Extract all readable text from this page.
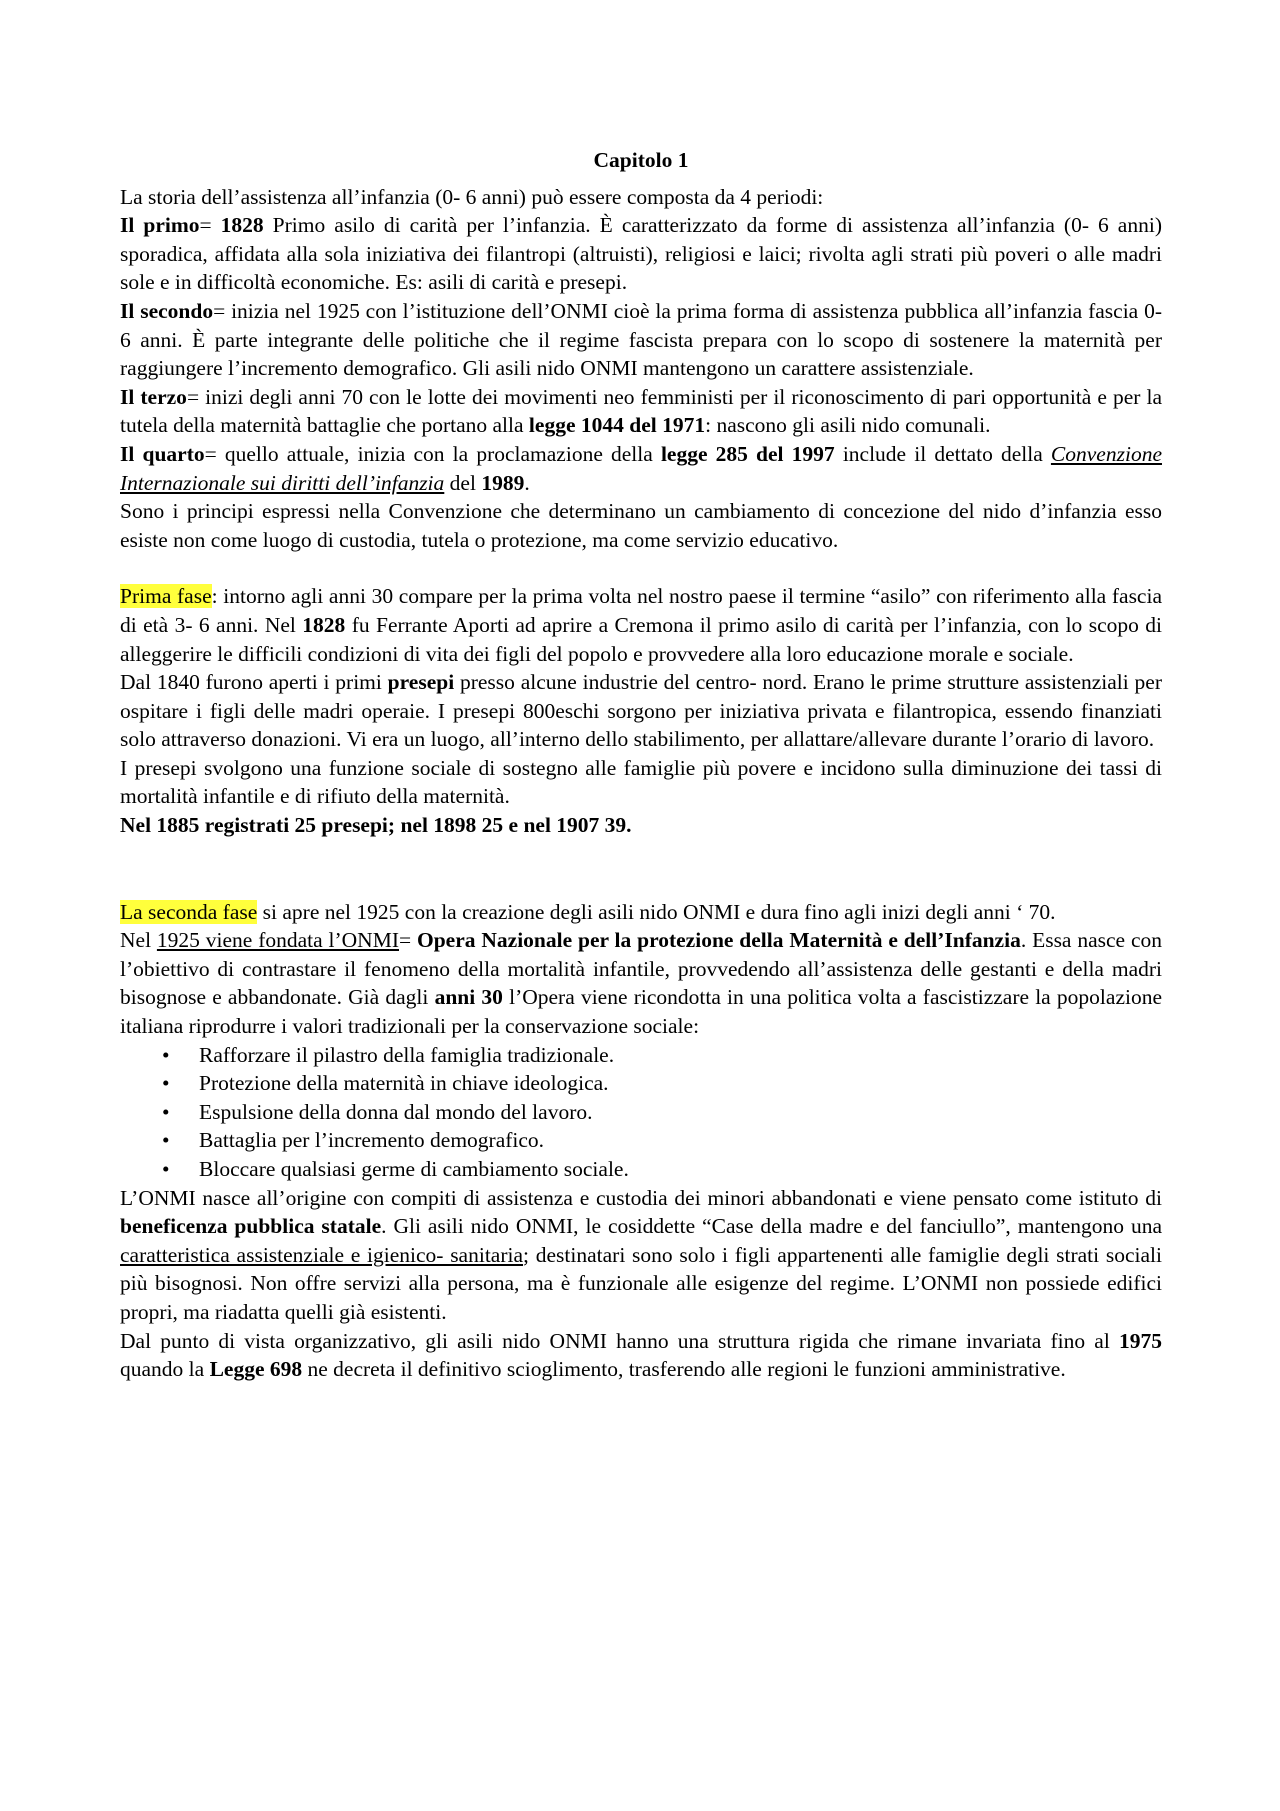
Capitolo 1

La storia dell’assistenza all’infanzia (0- 6 anni) può essere composta da 4 periodi:

Il primo= 1828 Primo asilo di carità per l’infanzia. È caratterizzato da forme di assistenza all’infanzia (0- 6 anni) sporadica, affidata alla sola iniziativa dei filantropi (altruisti), religiosi e laici; rivolta agli strati più poveri o alle madri sole e in difficoltà economiche. Es: asili di carità e presepi.

Il secondo= inizia nel 1925 con l’istituzione dell’ONMI cioè la prima forma di assistenza pubblica all’infanzia fascia 0- 6 anni. È parte integrante delle politiche che il regime fascista prepara con lo scopo di sostenere la maternità per raggiungere l’incremento demografico. Gli asili nido ONMI mantengono un carattere assistenziale.

Il terzo= inizi degli anni 70 con le lotte dei movimenti neo femministi per il riconoscimento di pari opportunità e per la tutela della maternità battaglie che portano alla legge 1044 del 1971: nascono gli asili nido comunali.

Il quarto= quello attuale, inizia con la proclamazione della legge 285 del 1997 include il dettato della Convenzione Internazionale sui diritti dell’infanzia del 1989.

Sono i principi espressi nella Convenzione che determinano un cambiamento di concezione del nido d’infanzia esso esiste non come luogo di custodia, tutela o protezione, ma come servizio educativo.

Prima fase: intorno agli anni 30 compare per la prima volta nel nostro paese il termine “asilo” con riferimento alla fascia di età 3- 6 anni. Nel 1828 fu Ferrante Aporti ad aprire a Cremona il primo asilo di carità per l’infanzia, con lo scopo di alleggerire le difficili condizioni di vita dei figli del popolo e provvedere alla loro educazione morale e sociale.

Dal 1840 furono aperti i primi presepi presso alcune industrie del centro- nord. Erano le prime strutture assistenziali per ospitare i figli delle madri operaie. I presepi 800eschi sorgono per iniziativa privata e filantropica, essendo finanziati solo attraverso donazioni. Vi era un luogo, all’interno dello stabilimento, per allattare/allevare durante l’orario di lavoro.

I presepi svolgono una funzione sociale di sostegno alle famiglie più povere e incidono sulla diminuzione dei tassi di mortalità infantile e di rifiuto della maternità.

Nel 1885 registrati 25 presepi; nel 1898 25 e nel 1907 39.

La seconda fase si apre nel 1925 con la creazione degli asili nido ONMI e dura fino agli inizi degli anni ‘ 70.

Nel 1925 viene fondata l’ONMI= Opera Nazionale per la protezione della Maternità e dell’Infanzia. Essa nasce con l’obiettivo di contrastare il fenomeno della mortalità infantile, provvedendo all’assistenza delle gestanti e della madri bisognose e abbandonate. Già dagli anni 30 l’Opera viene ricondotta in una politica volta a fascistizzare la popolazione italiana riprodurre i valori tradizionali per la conservazione sociale:

• Rafforzare il pilastro della famiglia tradizionale.
• Protezione della maternità in chiave ideologica.
• Espulsione della donna dal mondo del lavoro.
• Battaglia per l’incremento demografico.
• Bloccare qualsiasi germe di cambiamento sociale.

L’ONMI nasce all’origine con compiti di assistenza e custodia dei minori abbandonati e viene pensato come istituto di beneficenza pubblica statale. Gli asili nido ONMI, le cosiddette “Case della madre e del fanciullo”, mantengono una caratteristica assistenziale e igienico- sanitaria; destinatari sono solo i figli appartenenti alle famiglie degli strati sociali più bisognosi. Non offre servizi alla persona, ma è funzionale alle esigenze del regime. L’ONMI non possiede edifici propri, ma riadatta quelli già esistenti.

Dal punto di vista organizzativo, gli asili nido ONMI hanno una struttura rigida che rimane invariata fino al 1975 quando la Legge 698 ne decreta il definitivo scioglimento, trasferendo alle regioni le funzioni amministrative.
